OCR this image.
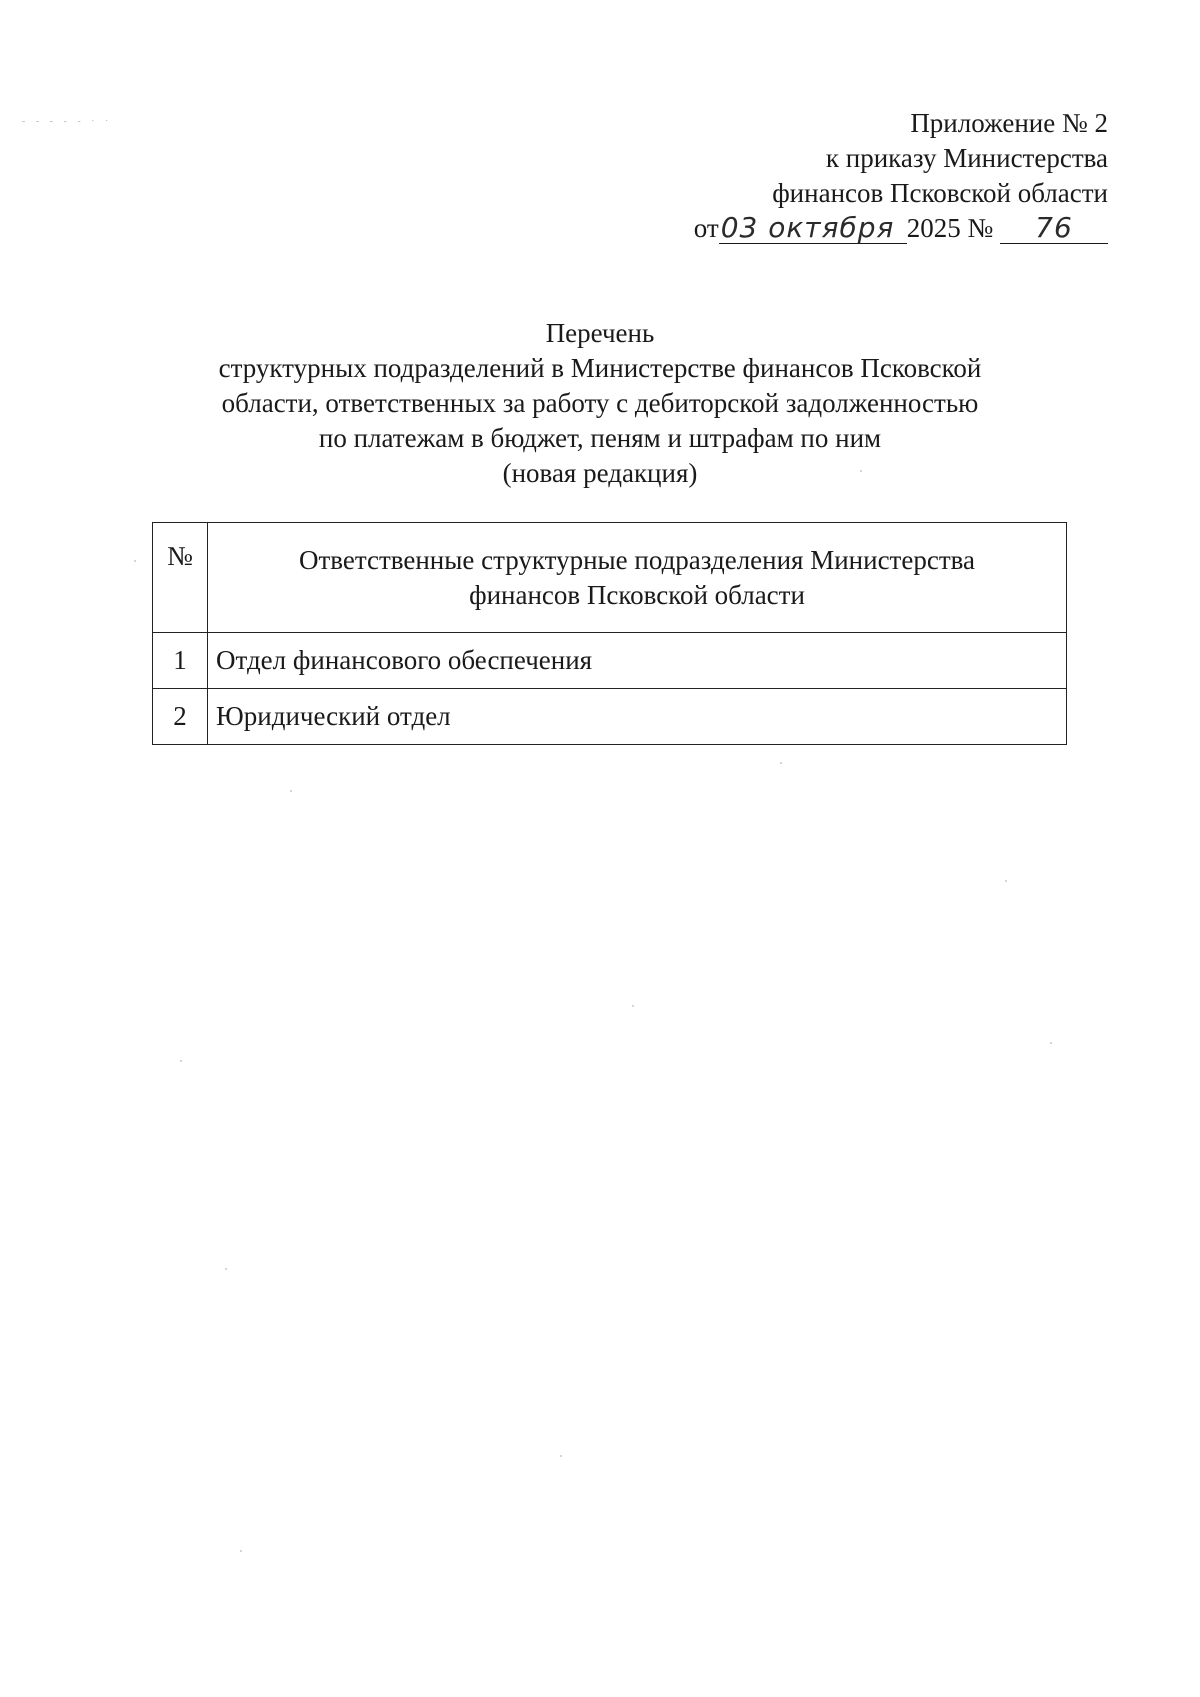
- - - - - · ·	Приложение № 2
к приказу Министерства
финансов Псковской области
от03 октября 2025 № 76
Перечень
структурных подразделений в Министерстве финансов Псковской
области, ответственных за работу с дебиторской задолженностью
по платежам в бюджет, пеням и штрафам по ним
(новая редакция)
№	Ответственные структурные подразделения Министерства финансов Псковской области
1	Отдел финансового обеспечения
2	Юридический отдел
